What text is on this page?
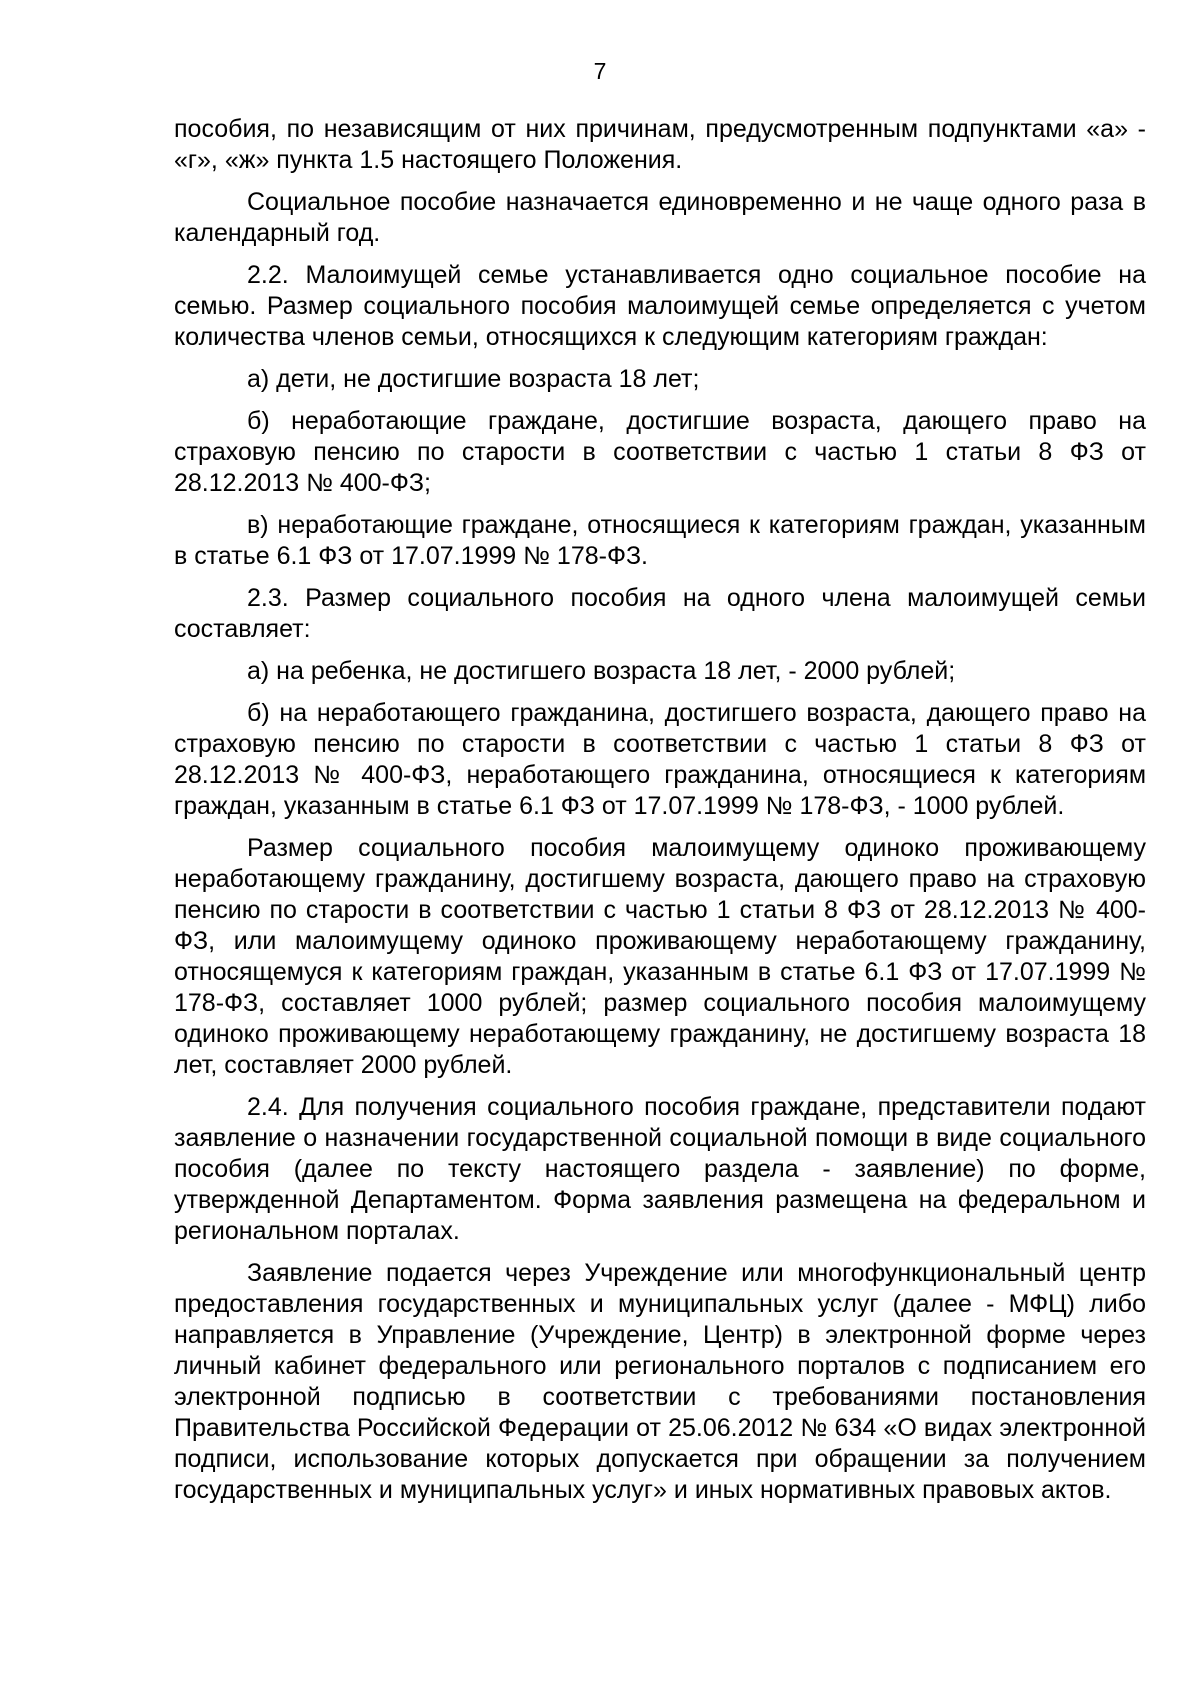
7

пособия, по независящим от них причинам, предусмотренным подпунктами «а» - «г», «ж» пункта 1.5 настоящего Положения.

Социальное пособие назначается единовременно и не чаще одного раза в календарный год.

2.2. Малоимущей семье устанавливается одно социальное пособие на семью. Размер социального пособия малоимущей семье определяется с учетом количества членов семьи, относящихся к следующим категориям граждан:

а) дети, не достигшие возраста 18 лет;

б) неработающие граждане, достигшие возраста, дающего право на страховую пенсию по старости в соответствии с частью 1 статьи 8 ФЗ от 28.12.2013 № 400-ФЗ;

в) неработающие граждане, относящиеся к категориям граждан, указанным в статье 6.1 ФЗ от 17.07.1999 № 178-ФЗ.

2.3. Размер социального пособия на одного члена малоимущей семьи составляет:

а) на ребенка, не достигшего возраста 18 лет, - 2000 рублей;

б) на неработающего гражданина, достигшего возраста, дающего право на страховую пенсию по старости в соответствии с частью 1 статьи 8 ФЗ от 28.12.2013 № 400-ФЗ, неработающего гражданина, относящиеся к категориям граждан, указанным в статье 6.1 ФЗ от 17.07.1999 № 178-ФЗ, - 1000 рублей.

Размер социального пособия малоимущему одиноко проживающему неработающему гражданину, достигшему возраста, дающего право на страховую пенсию по старости в соответствии с частью 1 статьи 8 ФЗ от 28.12.2013 № 400-ФЗ, или малоимущему одиноко проживающему неработающему гражданину, относящемуся к категориям граждан, указанным в статье 6.1 ФЗ от 17.07.1999 № 178-ФЗ, составляет 1000 рублей; размер социального пособия малоимущему одиноко проживающему неработающему гражданину, не достигшему возраста 18 лет, составляет 2000 рублей.

2.4. Для получения социального пособия граждане, представители подают заявление о назначении государственной социальной помощи в виде социального пособия (далее по тексту настоящего раздела - заявление) по форме, утвержденной Департаментом. Форма заявления размещена на федеральном и региональном порталах.

Заявление подается через Учреждение или многофункциональный центр предоставления государственных и муниципальных услуг (далее - МФЦ) либо направляется в Управление (Учреждение, Центр) в электронной форме через личный кабинет федерального или регионального порталов с подписанием его электронной подписью в соответствии с требованиями постановления Правительства Российской Федерации от 25.06.2012 № 634 «О видах электронной подписи, использование которых допускается при обращении за получением государственных и муниципальных услуг» и иных нормативных правовых актов.
